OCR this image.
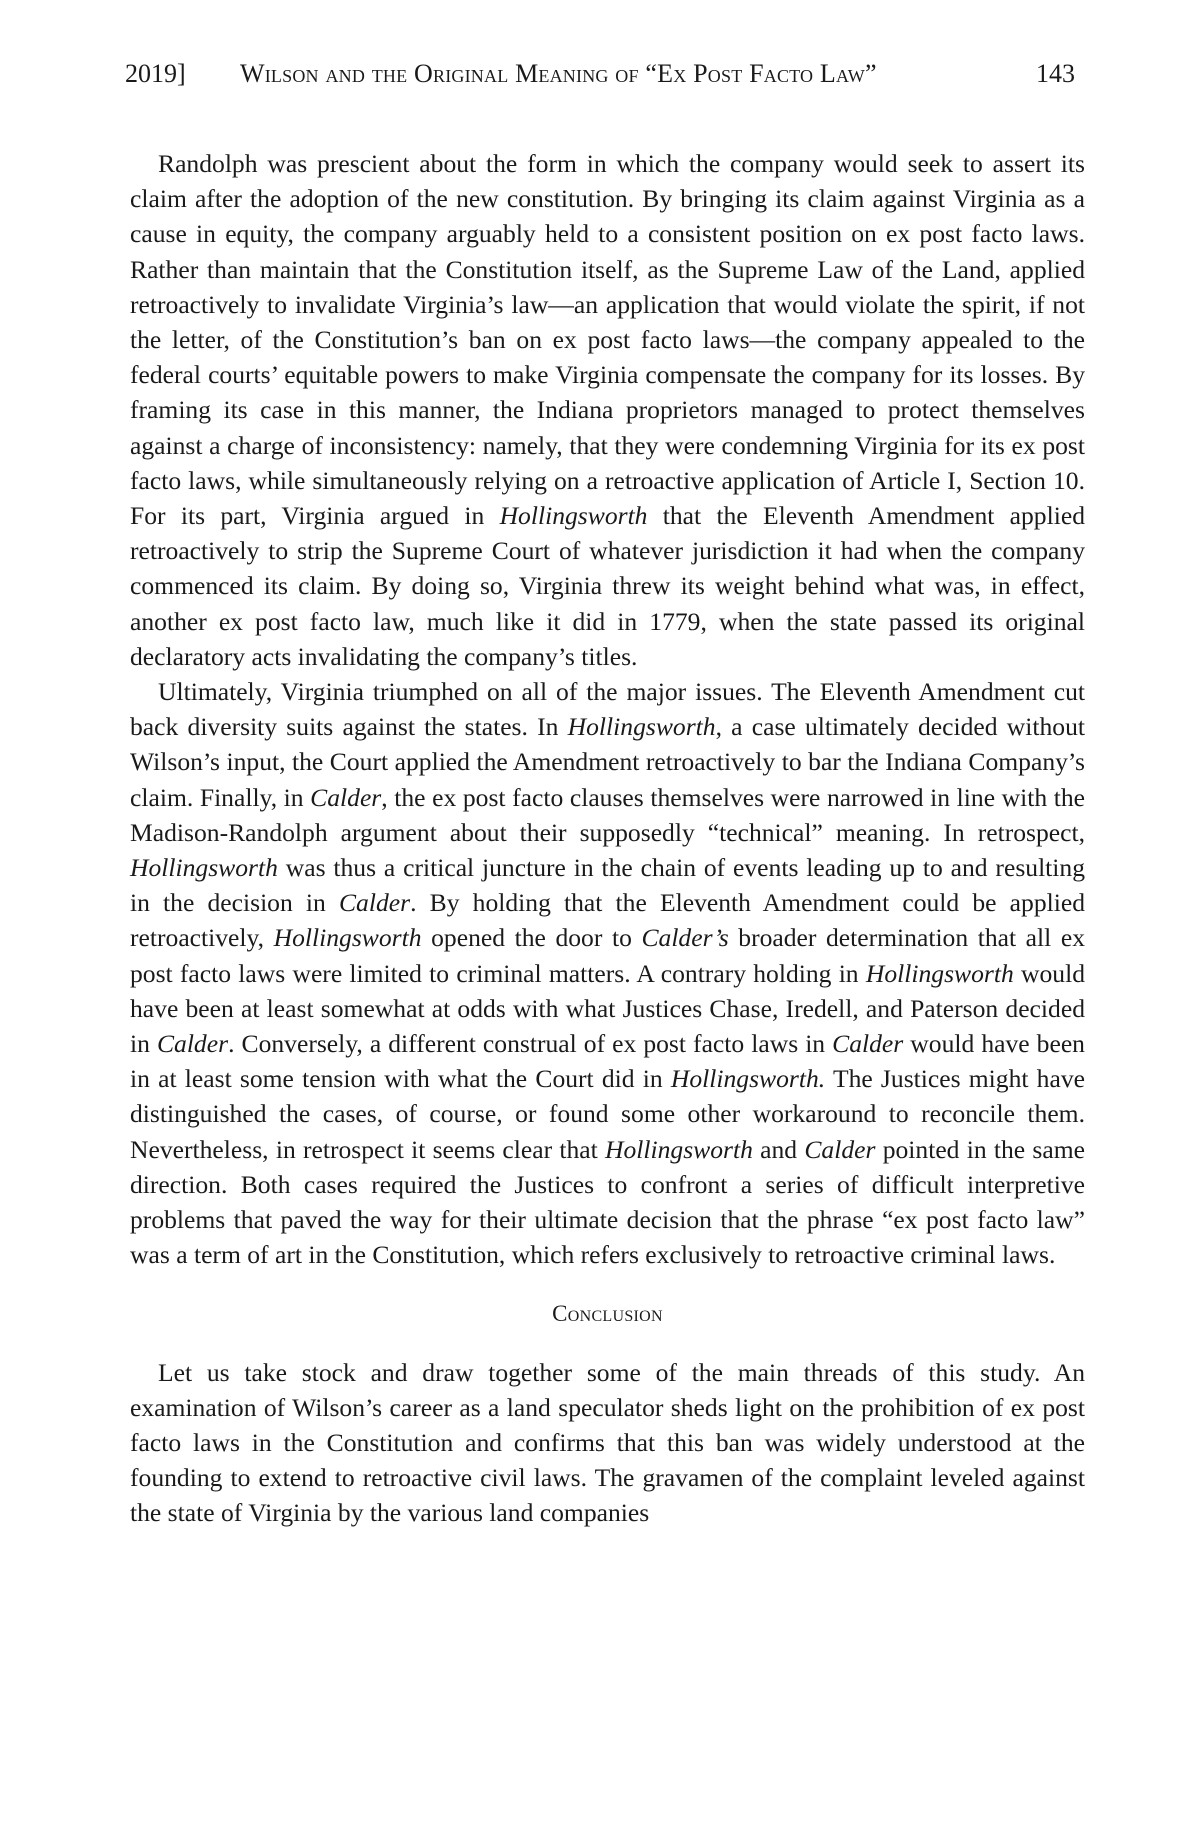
2019] Wilson and the Original Meaning of “Ex Post Facto Law”	143

Randolph was prescient about the form in which the company would seek to assert its claim after the adoption of the new constitution. By bringing its claim against Virginia as a cause in equity, the company arguably held to a consistent position on ex post facto laws. Rather than maintain that the Constitution itself, as the Supreme Law of the Land, applied retroactively to invalidate Virginia’s law—an application that would violate the spirit, if not the letter, of the Constitution’s ban on ex post facto laws—the company appealed to the federal courts’ equitable powers to make Virginia compensate the company for its losses. By framing its case in this manner, the Indiana proprietors managed to protect themselves against a charge of inconsistency: namely, that they were condemning Virginia for its ex post facto laws, while simultaneously relying on a retroactive application of Article I, Section 10. For its part, Virginia argued in Hollingsworth that the Eleventh Amendment applied retroactively to strip the Supreme Court of whatever jurisdiction it had when the company commenced its claim. By doing so, Virginia threw its weight behind what was, in effect, another ex post facto law, much like it did in 1779, when the state passed its original declaratory acts invalidating the company’s titles.

Ultimately, Virginia triumphed on all of the major issues. The Eleventh Amendment cut back diversity suits against the states. In Hollingsworth, a case ultimately decided without Wilson’s input, the Court applied the Amendment retroactively to bar the Indiana Company’s claim. Finally, in Calder, the ex post facto clauses themselves were narrowed in line with the Madison-Randolph argument about their supposedly “technical” meaning. In retrospect, Hollingsworth was thus a critical juncture in the chain of events leading up to and resulting in the decision in Calder. By holding that the Eleventh Amendment could be applied retroactively, Hollingsworth opened the door to Calder’s broader determination that all ex post facto laws were limited to criminal matters. A contrary holding in Hollingsworth would have been at least somewhat at odds with what Justices Chase, Iredell, and Paterson decided in Calder. Conversely, a different construal of ex post facto laws in Calder would have been in at least some tension with what the Court did in Hollingsworth. The Justices might have distinguished the cases, of course, or found some other workaround to reconcile them. Nevertheless, in retrospect it seems clear that Hollingsworth and Calder pointed in the same direction. Both cases required the Justices to confront a series of difficult interpretive problems that paved the way for their ultimate decision that the phrase “ex post facto law” was a term of art in the Constitution, which refers exclusively to retroactive criminal laws.

Conclusion

Let us take stock and draw together some of the main threads of this study. An examination of Wilson’s career as a land speculator sheds light on the prohibition of ex post facto laws in the Constitution and confirms that this ban was widely understood at the founding to extend to retroactive civil laws. The gravamen of the complaint leveled against the state of Virginia by the various land companies
